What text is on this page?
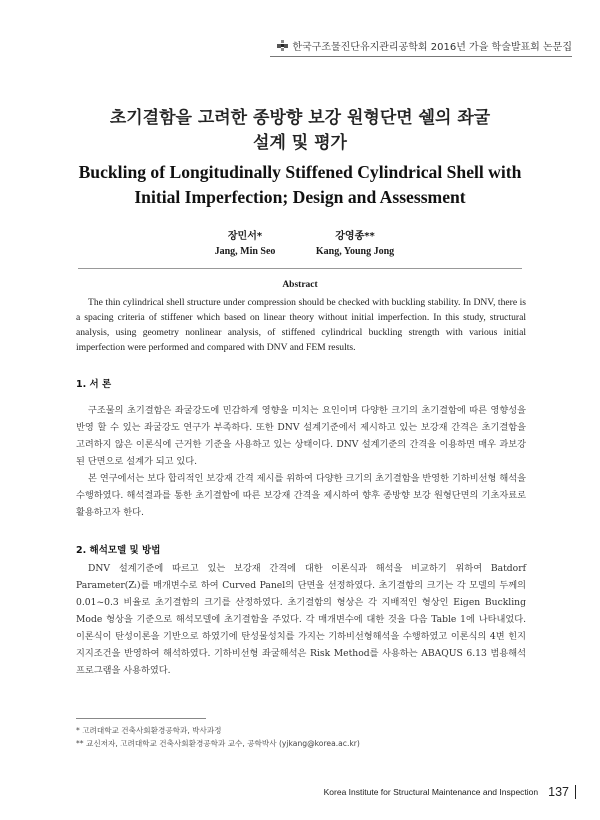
한국구조물진단유지관리공학회 2016년 가을 학술발표회 논문집
초기결함을 고려한 종방향 보강 원형단면 쉘의 좌굴
설계 및 평가
Buckling of Longitudinally Stiffened Cylindrical Shell with
Initial Imperfection; Design and Assessment
장민서*
Jang, Min Seo
강영종**
Kang, Young Jong
Abstract
The thin cylindrical shell structure under compression should be checked with buckling stability. In DNV, there is a spacing criteria of stiffener which based on linear theory without initial imperfection. In this study, structural analysis, using geometry nonlinear analysis, of stiffened cylindrical buckling strength with various initial imperfection were performed and compared with DNV and FEM results.
1. 서 론

구조물의 초기결함은 좌굴강도에 민감하게 영향을 미치는 요인이며 다양한 크기의 초기결함에 따른 영향성을 반영 할 수 있는 좌굴강도 연구가 부족하다. 또한 DNV 설계기준에서 제시하고 있는 보강재 간격은 초기결함을 고려하지 않은 이론식에 근거한 기준을 사용하고 있는 상태이다. DNV 설계기준의 간격을 이용하면 매우 과보강된 단면으로 설계가 되고 있다.

본 연구에서는 보다 합리적인 보강재 간격 제시를 위하여 다양한 크기의 초기결함을 반영한 기하비선형 해석을 수행하였다. 해석결과를 통한 초기결함에 따른 보강재 간격을 제시하여 향후 종방향 보강 원형단면의 기초자료로 활용하고자 한다.

2. 해석모델 및 방법

DNV 설계기준에 따르고 있는 보강재 간격에 대한 이론식과 해석을 비교하기 위하여 Batdorf Parameter(Zₗ)를 매개변수로 하여 Curved Panel의 단면을 선정하였다. 초기결함의 크기는 각 모델의 두께의 0.01~0.3 비율로 초기결함의 크기를 산정하였다. 초기결함의 형상은 각 지배적인 형상인 Eigen Buckling Mode 형상을 기준으로 해석모델에 초기결함을 주었다. 각 매개변수에 대한 것을 다음 Table 1에 나타내었다. 이론식이 탄성이론을 기반으로 하였기에 탄성물성치를 가지는 기하비선형해석을 수행하였고 이론식의 4변 힌지지지조건을 반영하여 해석하였다. 기하비선형 좌굴해석은 Risk Method를 사용하는 ABAQUS 6.13 범용해석프로그램을 사용하였다.

* 고려대학교 건축사회환경공학과, 박사과정
** 교신저자, 고려대학교 건축사회환경공학과 교수, 공학박사 (yjkang@korea.ac.kr)
Korea Institute for Structural Maintenance and Inspection 137
